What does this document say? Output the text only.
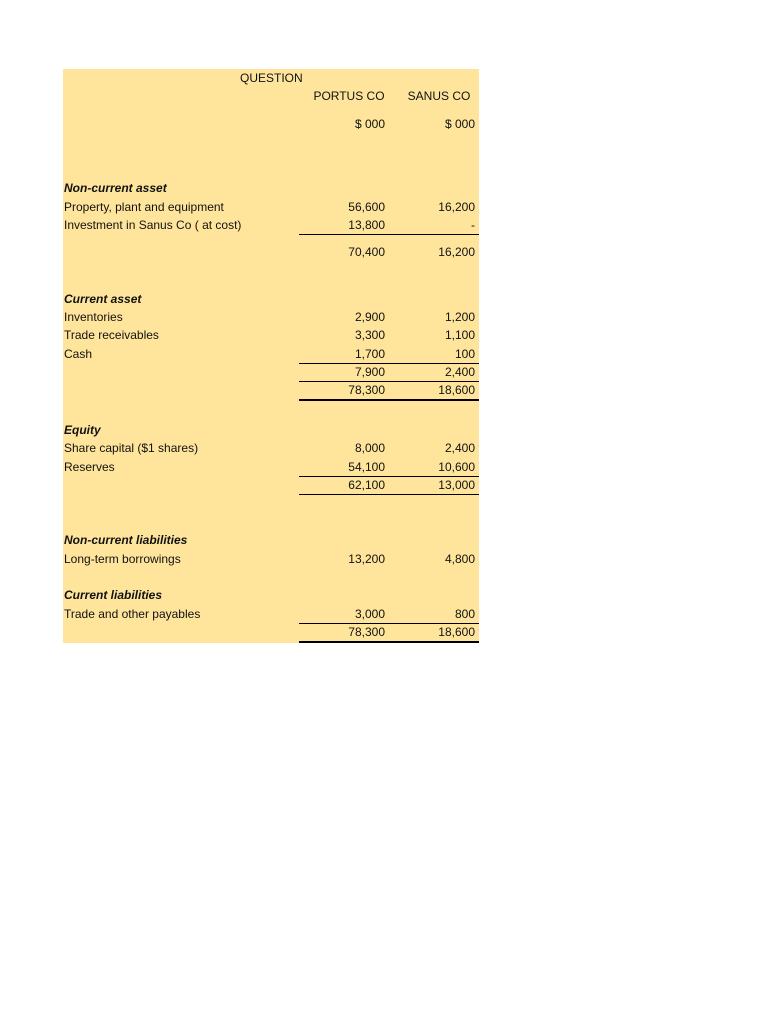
QUESTION
PORTUS CO	SANUS CO
$ 000	$ 000
Non-current asset
Property, plant and equipment	56,600	16,200
Investment in Sanus Co ( at cost)	13,800	-
70,400	16,200
Current asset
Inventories	2,900	1,200
Trade receivables	3,300	1,100
Cash	1,700	100
7,900	2,400
78,300	18,600
Equity
Share capital ($1 shares)	8,000	2,400
Reserves	54,100	10,600
62,100	13,000
Non-current liabilities
Long-term borrowings	13,200	4,800
Current liabilities
Trade and other payables	3,000	800
78,300	18,600
